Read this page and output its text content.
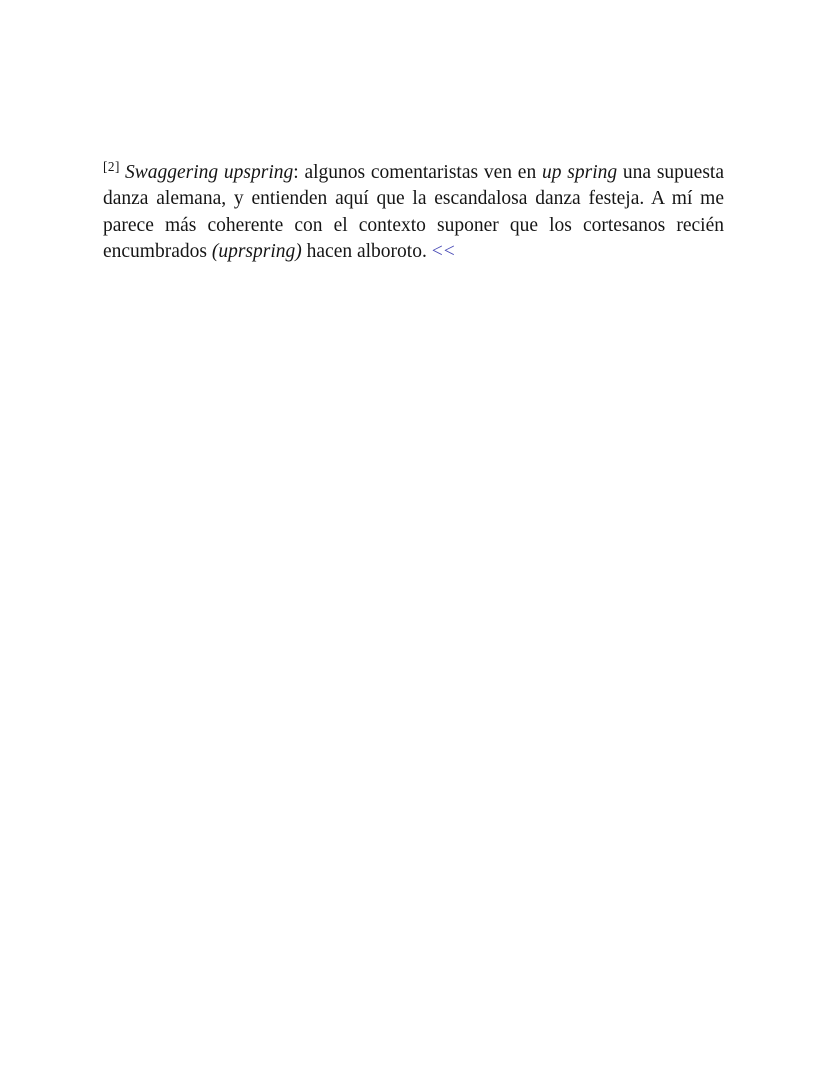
[2] Swaggering upspring: algunos comentaristas ven en up spring una supuesta danza alemana, y entienden aquí que la escandalosa danza festeja. A mí me parece más coherente con el contexto suponer que los cortesanos recién encumbrados (uprspring) hacen alboroto. <<
